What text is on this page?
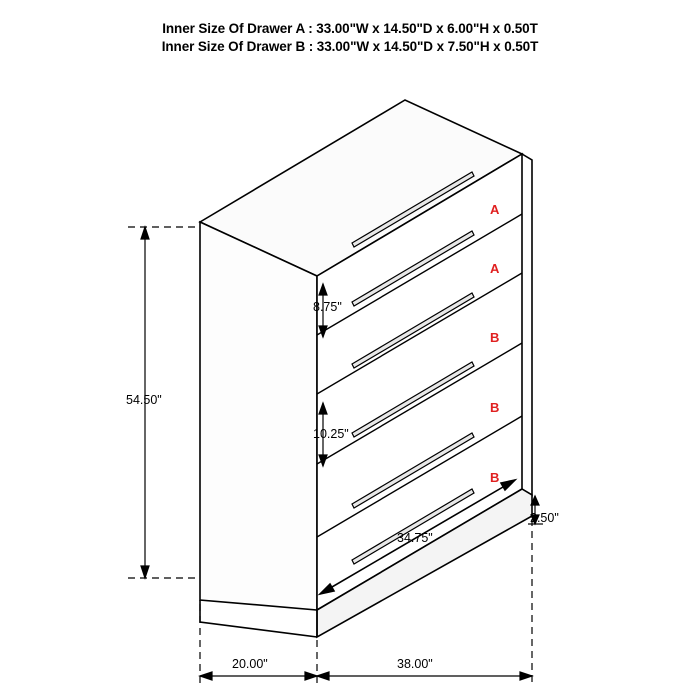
Inner Size Of Drawer A : 33.00"W x 14.50"D x 6.00"H x 0.50T
Inner Size Of Drawer B : 33.00"W x 14.50"D x 7.50"H x 0.50T
54.50"
8.75"
10.25"
2.50"
34.75"
20.00"	38.00"
A
A
B
B
B
